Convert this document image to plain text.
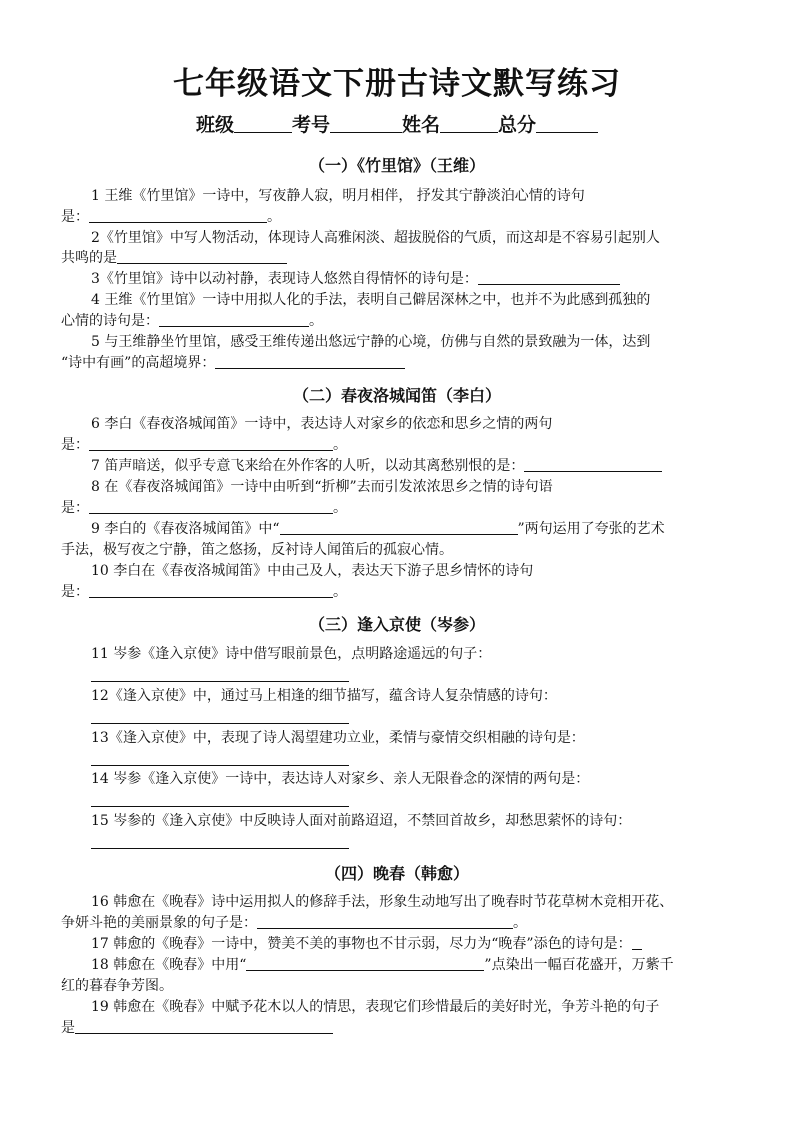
七年级语文下册古诗文默写练习
班级	考号	姓名	总分
（一）《竹里馆》（王维）
1 王维《竹里馆》一诗中，写夜静人寂，明月相伴， 抒发其宁静淡泊心情的诗句
是：	。
2《竹里馆》中写人物活动，体现诗人高雅闲淡、超拔脱俗的气质，而这却是不容易引起别人
共鸣的是
3《竹里馆》诗中以动衬静，表现诗人悠然自得情怀的诗句是：
4 王维《竹里馆》一诗中用拟人化的手法，表明自己僻居深林之中，也并不为此感到孤独的
心情的诗句是：	。
5 与王维静坐竹里馆，感受王维传递出悠远宁静的心境，仿佛与自然的景致融为一体，达到
“诗中有画”的高超境界：
（二）春夜洛城闻笛（李白）
6 李白《春夜洛城闻笛》一诗中，表达诗人对家乡的依恋和思乡之情的两句
是：	。
7 笛声暗送，似乎专意飞来给在外作客的人听，以动其离愁别恨的是：
8 在《春夜洛城闻笛》一诗中由听到“折柳”去而引发浓浓思乡之情的诗句语
是：	。
9 李白的《春夜洛城闻笛》中“	”两句运用了夸张的艺术
手法，极写夜之宁静，笛之悠扬，反衬诗人闻笛后的孤寂心情。
10 李白在《春夜洛城闻笛》中由己及人，表达天下游子思乡情怀的诗句
是：	。
（三）逢入京使（岑参）
11 岑参《逢入京使》诗中借写眼前景色，点明路途遥远的句子：
12《逢入京使》中，通过马上相逢的细节描写，蕴含诗人复杂情感的诗句：
13《逢入京使》中，表现了诗人渴望建功立业，柔情与豪情交织相融的诗句是：
14 岑参《逢入京使》一诗中，表达诗人对家乡、亲人无限眷念的深情的两句是：
15 岑参的《逢入京使》中反映诗人面对前路迢迢，不禁回首故乡，却愁思萦怀的诗句：
（四）晚春（韩愈）
16 韩愈在《晚春》诗中运用拟人的修辞手法，形象生动地写出了晚春时节花草树木竞相开花、
争妍斗艳的美丽景象的句子是：	。
17 韩愈的《晚春》一诗中，赞美不美的事物也不甘示弱，尽力为“晚春”添色的诗句是：
18 韩愈在《晚春》中用“	”点染出一幅百花盛开，万紫千
红的暮春争芳图。
19 韩愈在《晚春》中赋予花木以人的情思，表现它们珍惜最后的美好时光，争芳斗艳的句子
是
